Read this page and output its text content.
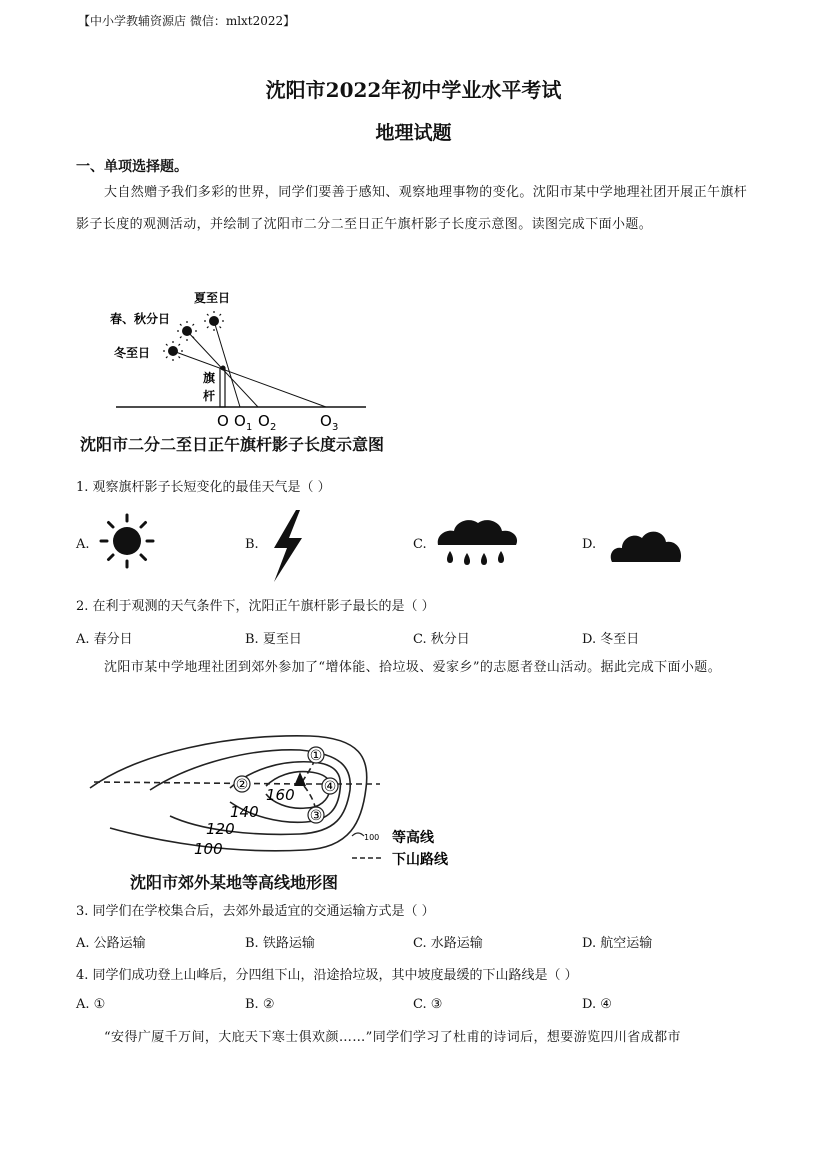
【中小学教辅资源店 微信：mlxt2022】
沈阳市2022年初中学业水平考试
地理试题
一、单项选择题。
大自然赠予我们多彩的世界，同学们要善于感知、观察地理事物的变化。沈阳市某中学地理社团开展正午旗杆影子长度的观测活动，并绘制了沈阳市二分二至日正午旗杆影子长度示意图。读图完成下面小题。
夏至日
春、秋分日
冬至日
旗
杆
O O 1 O 2	O 3
沈阳市二分二至日正午旗杆影子长度示意图
1. 观察旗杆影子长短变化的最佳天气是（ ）
A.	B.	C.	D.
2. 在利于观测的天气条件下，沈阳正午旗杆影子最长的是（ ）
A. 春分日	B. 夏至日	C. 秋分日	D. 冬至日
沈阳市某中学地理社团到郊外参加了“增体能、拾垃圾、爱家乡”的志愿者登山活动。据此完成下面小题。
①
②
③
④
160
140
120
100
100 等高线
下山路线
沈阳市郊外某地等高线地形图
3. 同学们在学校集合后，去郊外最适宜的交通运输方式是（ ）
A. 公路运输	B. 铁路运输	C. 水路运输	D. 航空运输
4. 同学们成功登上山峰后，分四组下山，沿途拾垃圾，其中坡度最缓的下山路线是（ ）
A. ①	B. ②	C. ③	D. ④
“安得广厦千万间，大庇天下寒士俱欢颜……”同学们学习了杜甫的诗词后，想要游览四川省成都市
